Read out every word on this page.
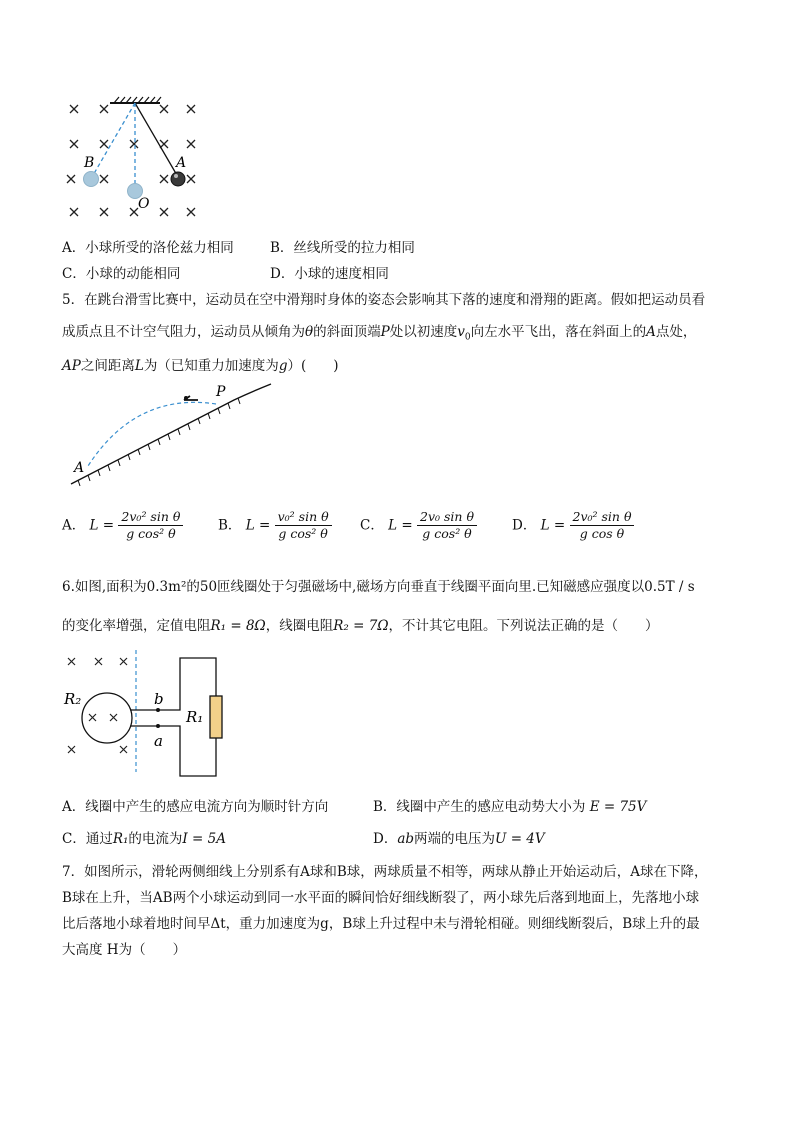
B	A
O
A．小球所受的洛伦兹力相同	B．丝线所受的拉力相同
C．小球的动能相同	D．小球的速度相同
5．在跳台滑雪比赛中，运动员在空中滑翔时身体的姿态会影响其下落的速度和滑翔的距离。假如把运动员看
成质点且不计空气阻力，运动员从倾角为θ的斜面顶端P处以初速度$v_0$向左水平飞出，落在斜面上的A点处，
AP之间距离L为（已知重力加速度为g）(　　)
P
A
A． $L = \frac{\text{2v₀² sin θ}}{\text{g cos² θ}}$	B． $L = \frac{\text{v₀² sin θ}}{\text{g cos² θ}}$ C． $L = \frac{\text{2v₀ sin θ}}{\text{g cos² θ}}$	D． $L = \frac{\text{2v₀² sin θ}}{\text{g cos θ}}$
6.如图,面积为0.3m²的50匝线圈处于匀强磁场中,磁场方向垂直于线圈平面向里.已知磁感应强度以0.5T / s
的变化率增强，定值电阻R₁ = 8Ω，线圈电阻R₂ = 7Ω，不计其它电阻。下列说法正确的是（　　）
R₂
R₁
b
a
A．线圈中产生的感应电流方向为顺时针方向	B．线圈中产生的感应电动势大小为 E = 75V
C．通过R₁的电流为I = 5A	D．ab两端的电压为U = 4V
7．如图所示，滑轮两侧细线上分别系有A球和B球，两球质量不相等，两球从静止开始运动后，A球在下降，
B球在上升，当AB两个小球运动到同一水平面的瞬间恰好细线断裂了，两小球先后落到地面上，先落地小球
比后落地小球着地时间早Δt，重力加速度为g，B球上升过程中未与滑轮相碰。则细线断裂后，B球上升的最
大高度 H为（　　）
